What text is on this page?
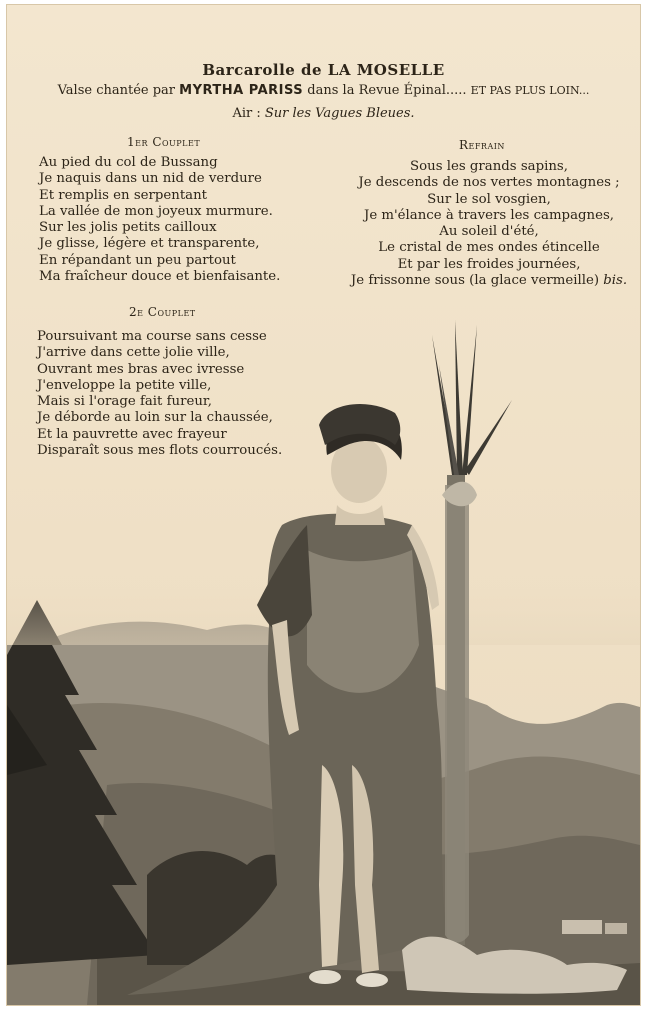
Barcarolle de LA MOSELLE
Valse chantée par MYRTHA PARISS dans la Revue Épinal..... ET PAS PLUS LOIN...
Air : Sur les Vagues Bleues.
1er Couplet
Au pied du col de Bussang
Je naquis dans un nid de verdure
Et remplis en serpentant
La vallée de mon joyeux murmure.
Sur les jolis petits cailloux
Je glisse, légère et transparente,
En répandant un peu partout
Ma fraîcheur douce et bienfaisante.
2e Couplet
Poursuivant ma course sans cesse
J'arrive dans cette jolie ville,
Ouvrant mes bras avec ivresse
J'enveloppe la petite ville,
Mais si l'orage fait fureur,
Je déborde au loin sur la chaussée,
Et la pauvrette avec frayeur
Disparaît sous mes flots courroucés.
Refrain
Sous les grands sapins,
Je descends de nos vertes montagnes ;
Sur le sol vosgien,
Je m'élance à travers les campagnes,
Au soleil d'été,
Le cristal de mes ondes étincelle
Et par les froides journées,
Je frissonne sous (la glace vermeille) bis.
